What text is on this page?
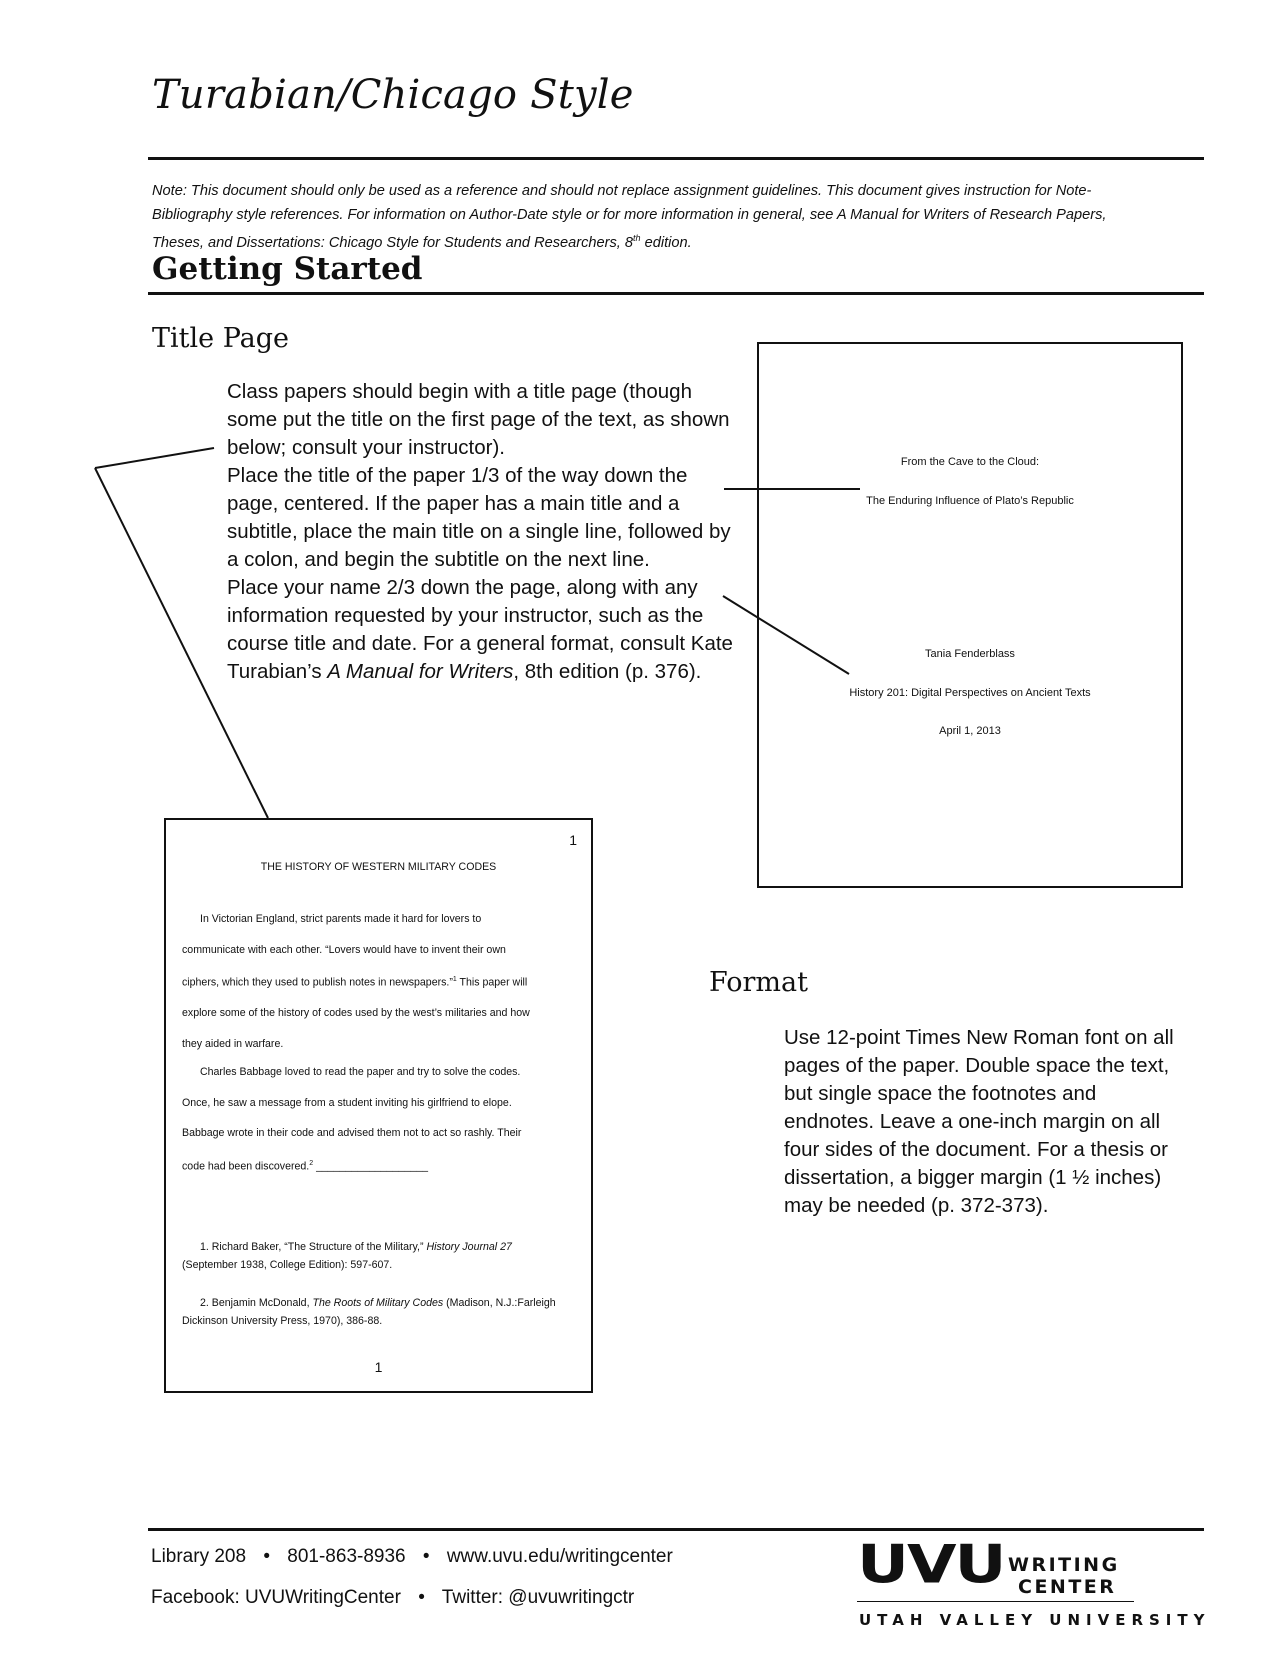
Turabian/Chicago Style

Note: This document should only be used as a reference and should not replace assignment guidelines. This document gives instruction for Note-Bibliography style references. For information on Author-Date style or for more information in general, see A Manual for Writers of Research Papers, Theses, and Dissertations: Chicago Style for Students and Researchers, 8th edition.

Getting Started
Title Page

Class papers should begin with a title page (though some put the title on the first page of the text, as shown below; consult your instructor).

Place the title of the paper 1/3 of the way down the page, centered. If the paper has a main title and a subtitle, place the main title on a single line, followed by a colon, and begin the subtitle on the next line.

Place your name 2/3 down the page, along with any information requested by your instructor, such as the course title and date. For a general format, consult Kate Turabian’s A Manual for Writers, 8th edition (p. 376).

From the Cave to the Cloud:
The Enduring Influence of Plato’s Republic
Tania Fenderblass
History 201: Digital Perspectives on Ancient Texts
April 1, 2013
1
THE HISTORY OF WESTERN MILITARY CODES

In Victorian England, strict parents made it hard for lovers to

communicate with each other. “Lovers would have to invent their own

ciphers, which they used to publish notes in newspapers.”$^1$ This paper will

explore some of the history of codes used by the west’s militaries and how

they aided in warfare.

Charles Babbage loved to read the paper and try to solve the codes.

Once, he saw a message from a student inviting his girlfriend to elope.

Babbage wrote in their code and advised them not to act so rashly. Their

code had been discovered.$^2$ ___________________

1. Richard Baker, “The Structure of the Military,” History Journal 27
(September 1938, College Edition): 597-607.

2. Benjamin McDonald, The Roots of Military Codes (Madison, N.J.:Farleigh
Dickinson University Press, 1970), 386-88.

1
Format

Use 12-point Times New Roman font on all pages of the paper. Double space the text, but single space the footnotes and endnotes. Leave a one-inch margin on all four sides of the document. For a thesis or dissertation, a bigger margin (1 ½ inches) may be needed (p. 372-373).

Library 208 • 801-863-8936 • www.uvu.edu/writingcenter
Facebook: UVUWritingCenter • Twitter: @uvuwritingctr
UVU WRITING
CENTER
UTAH VALLEY UNIVERSITY
